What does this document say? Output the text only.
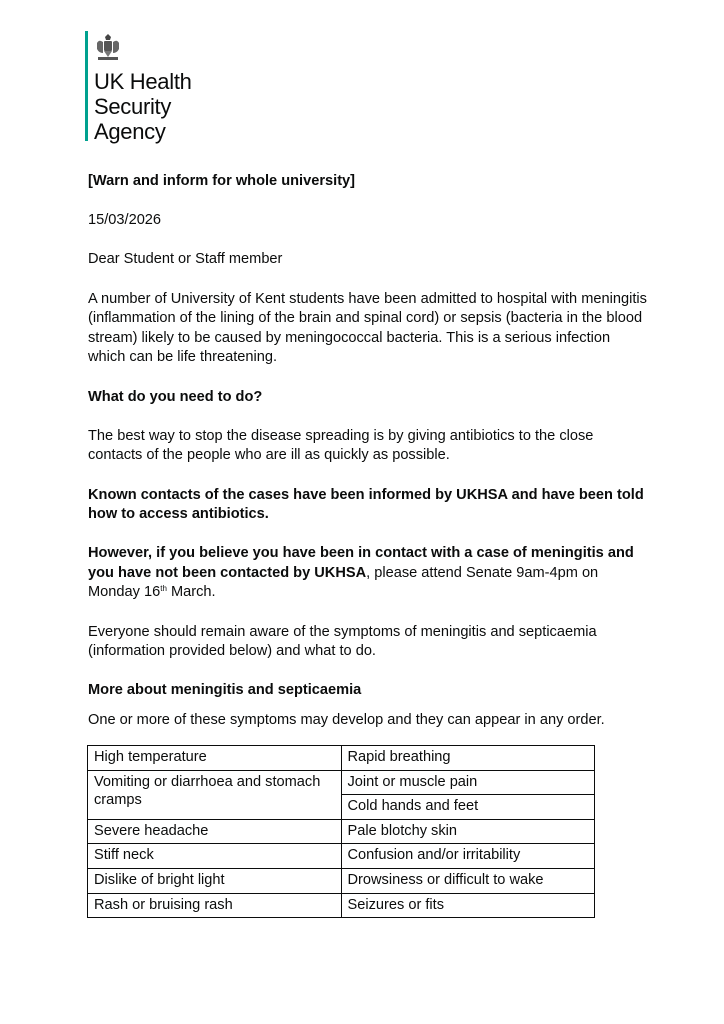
UK Health
Security
Agency

[Warn and inform for whole university]

15/03/2026

Dear Student or Staff member

A number of University of Kent students have been admitted to hospital with meningitis (inflammation of the lining of the brain and spinal cord) or sepsis (bacteria in the blood stream) likely to be caused by meningococcal bacteria. This is a serious infection which can be life threatening.

What do you need to do?

The best way to stop the disease spreading is by giving antibiotics to the close contacts of the people who are ill as quickly as possible.

Known contacts of the cases have been informed by UKHSA and have been told how to access antibiotics.

However, if you believe you have been in contact with a case of meningitis and you have not been contacted by UKHSA, please attend Senate 9am-4pm on Monday 16th March.

Everyone should remain aware of the symptoms of meningitis and septicaemia (information provided below) and what to do.

More about meningitis and septicaemia

One or more of these symptoms may develop and they can appear in any order.

High temperature	Rapid breathing
Vomiting or diarrhoea and stomach cramps	Joint or muscle pain
	Cold hands and feet
Severe headache	Pale blotchy skin
Stiff neck	Confusion and/or irritability
Dislike of bright light	Drowsiness or difficult to wake
Rash or bruising rash	Seizures or fits
